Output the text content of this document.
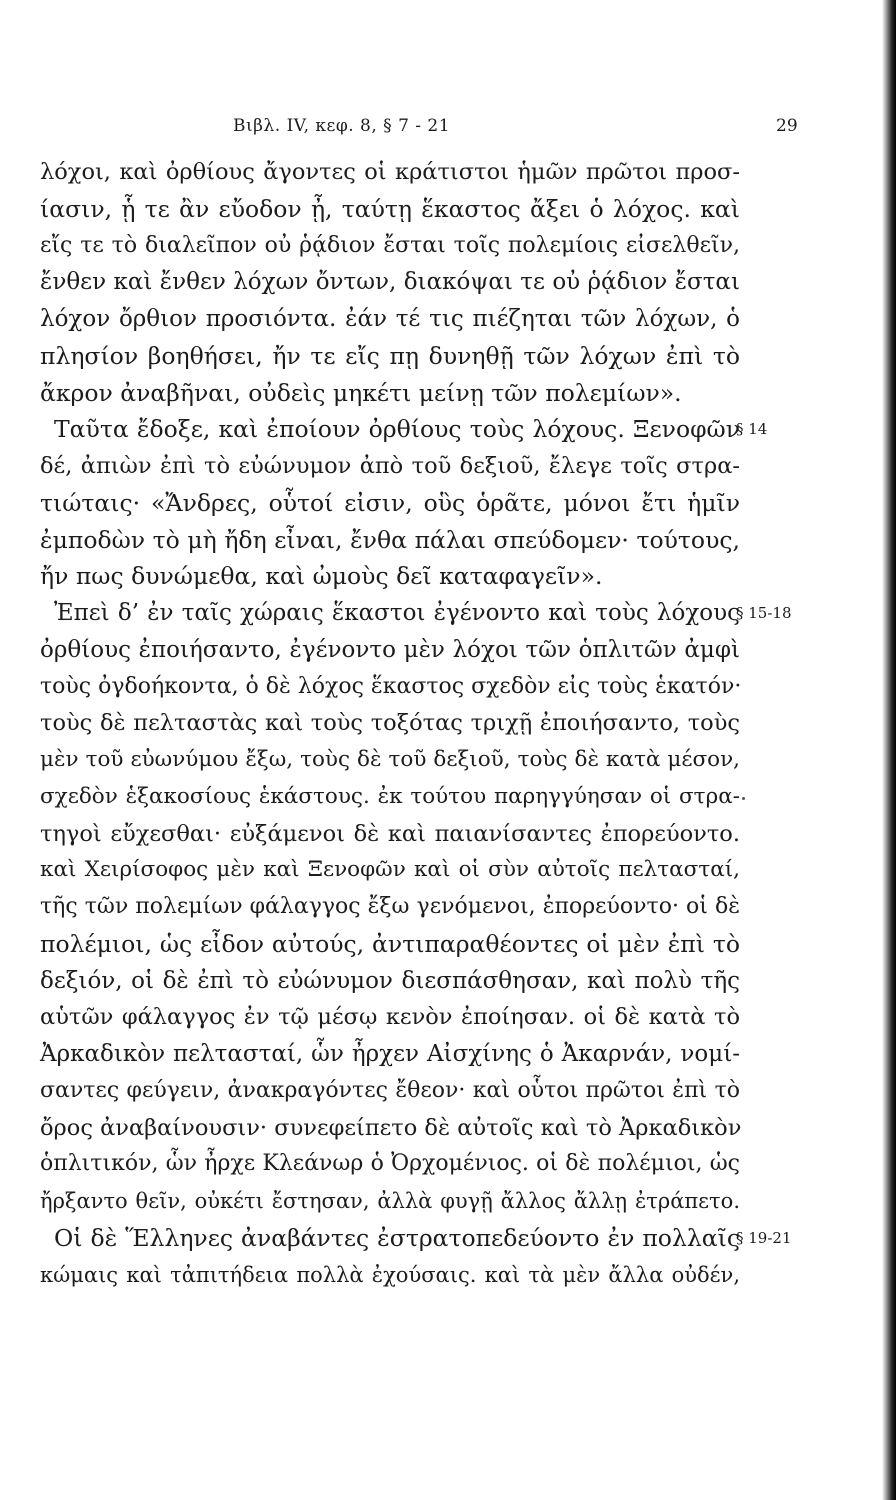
Βιβλ. IV, κεφ. 8, § 7 - 21	29
λόχοι, καὶ ὀρθίους ἄγοντες οἱ κράτιστοι ἡμῶν πρῶτοι προσ-
ίασιν, ᾗ τε ἂν εὔοδον ᾖ, ταύτῃ ἕκαστος ἄξει ὁ λόχος. καὶ
εἴς τε τὸ διαλεῖπον οὐ ῥᾴδιον ἔσται τοῖς πολεμίοις εἰσελθεῖν,
ἔνθεν καὶ ἔνθεν λόχων ὄντων, διακόψαι τε οὐ ῥᾴδιον ἔσται
λόχον ὄρθιον προσιόντα. ἐάν τέ τις πιέζηται τῶν λόχων, ὁ
πλησίον βοηθήσει, ἤν τε εἴς πῃ δυνηθῇ τῶν λόχων ἐπὶ τὸ
ἄκρον ἀναβῆναι, οὐδεὶς μηκέτι μείνῃ τῶν πολεμίων».
Ταῦτα ἔδοξε, καὶ ἐποίουν ὀρθίους τοὺς λόχους. Ξενοφῶν
δέ, ἀπιὼν ἐπὶ τὸ εὐώνυμον ἀπὸ τοῦ δεξιοῦ, ἔλεγε τοῖς στρα-
τιώταις· «Ἄνδρες, οὗτοί εἰσιν, οὓς ὁρᾶτε, μόνοι ἔτι ἡμῖν
ἐμποδὼν τὸ μὴ ἤδη εἶναι, ἔνθα πάλαι σπεύδομεν· τούτους,
ἤν πως δυνώμεθα, καὶ ὠμοὺς δεῖ καταφαγεῖν».
Ἐπεὶ δ’ ἐν ταῖς χώραις ἕκαστοι ἐγένοντο καὶ τοὺς λόχους
ὀρθίους ἐποιήσαντο, ἐγένοντο μὲν λόχοι τῶν ὁπλιτῶν ἀμφὶ
τοὺς ὀγδοήκοντα, ὁ δὲ λόχος ἕκαστος σχεδὸν εἰς τοὺς ἑκατόν·
τοὺς δὲ πελταστὰς καὶ τοὺς τοξότας τριχῇ ἐποιήσαντο, τοὺς
μὲν τοῦ εὐωνύμου ἔξω, τοὺς δὲ τοῦ δεξιοῦ, τοὺς δὲ κατὰ μέσον,
σχεδὸν ἑξακοσίους ἑκάστους. ἐκ τούτου παρηγγύησαν οἱ στρα-
τηγοὶ εὔχεσθαι· εὐξάμενοι δὲ καὶ παιανίσαντες ἐπορεύοντο.
καὶ Χειρίσοφος μὲν καὶ Ξενοφῶν καὶ οἱ σὺν αὐτοῖς πελτασταί,
τῆς τῶν πολεμίων φάλαγγος ἔξω γενόμενοι, ἐπορεύοντο· οἱ δὲ
πολέμιοι, ὡς εἶδον αὐτούς, ἀντιπαραθέοντες οἱ μὲν ἐπὶ τὸ
δεξιόν, οἱ δὲ ἐπὶ τὸ εὐώνυμον διεσπάσθησαν, καὶ πολὺ τῆς
αὑτῶν φάλαγγος ἐν τῷ μέσῳ κενὸν ἐποίησαν. οἱ δὲ κατὰ τὸ
Ἀρκαδικὸν πελτασταί, ὧν ἦρχεν Αἰσχίνης ὁ Ἀκαρνάν, νομί-
σαντες φεύγειν, ἀνακραγόντες ἔθεον· καὶ οὗτοι πρῶτοι ἐπὶ τὸ
ὄρος ἀναβαίνουσιν· συνεφείπετο δὲ αὐτοῖς καὶ τὸ Ἀρκαδικὸν
ὁπλιτικόν, ὧν ἦρχε Κλεάνωρ ὁ Ὀρχομένιος. οἱ δὲ πολέμιοι, ὡς
ἤρξαντο θεῖν, οὐκέτι ἔστησαν, ἀλλὰ φυγῇ ἄλλος ἄλλῃ ἐτράπετο.
Οἱ δὲ Ἕλληνες ἀναβάντες ἐστρατοπεδεύοντο ἐν πολλαῖς
κώμαις καὶ τἀπιτήδεια πολλὰ ἐχούσαις. καὶ τὰ μὲν ἄλλα οὐδέν,
§ 14
§ 15-18
§ 19-21
